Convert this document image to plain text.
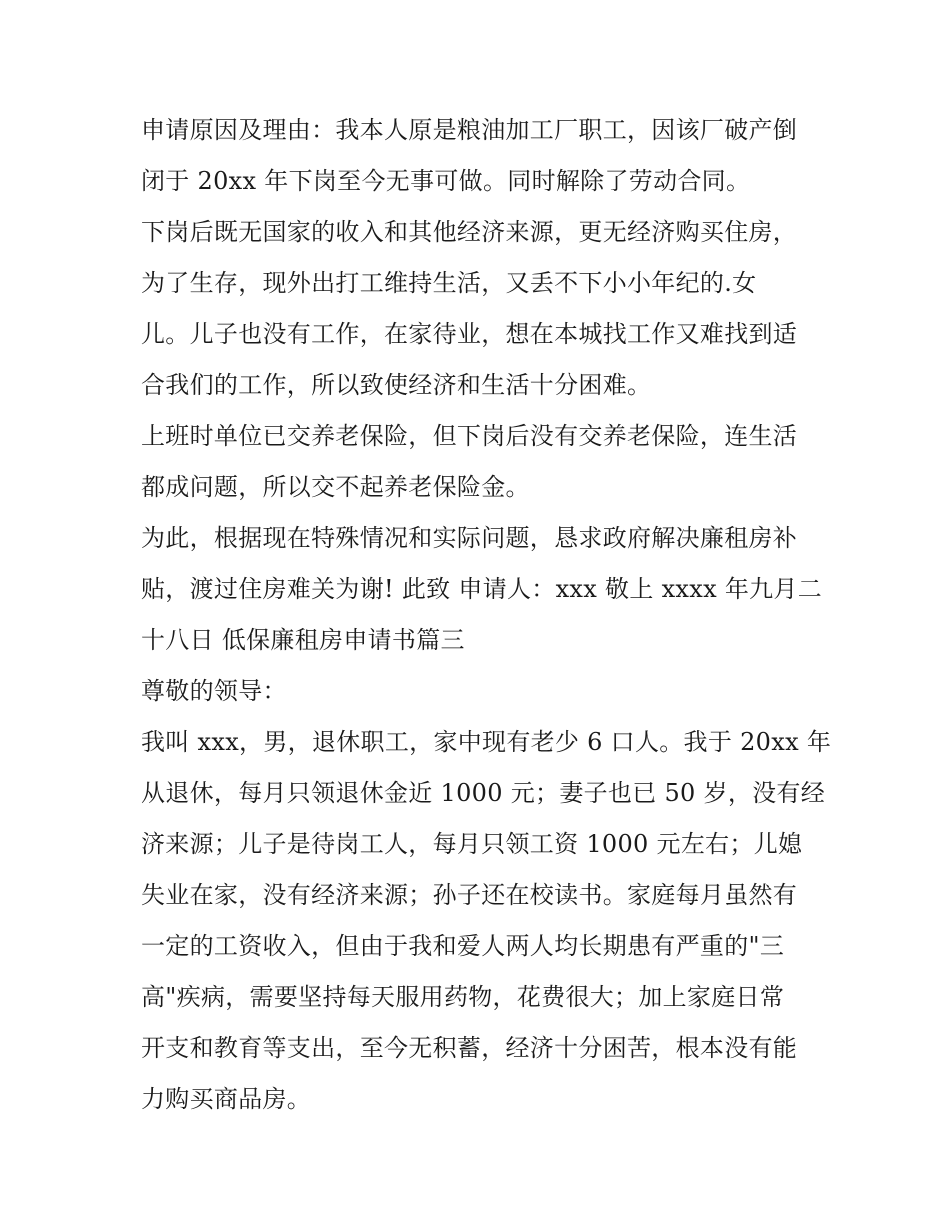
申请原因及理由：我本人原是粮油加工厂职工，因该厂破产倒
闭于 20xx 年下岗至今无事可做。同时解除了劳动合同。
下岗后既无国家的收入和其他经济来源，更无经济购买住房，
为了生存，现外出打工维持生活，又丢不下小小年纪的.女
儿。儿子也没有工作，在家待业，想在本城找工作又难找到适
合我们的工作，所以致使经济和生活十分困难。
上班时单位已交养老保险，但下岗后没有交养老保险，连生活
都成问题，所以交不起养老保险金。
为此，根据现在特殊情况和实际问题，恳求政府解决廉租房补
贴，渡过住房难关为谢! 此致 申请人：xxx 敬上 xxxx 年九月二
十八日 低保廉租房申请书篇三
尊敬的领导：
我叫 xxx，男，退休职工，家中现有老少 6 口人。我于 20xx 年
从退休，每月只领退休金近 1000 元；妻子也已 50 岁，没有经
济来源；儿子是待岗工人，每月只领工资 1000 元左右；儿媳
失业在家，没有经济来源；孙子还在校读书。家庭每月虽然有
一定的工资收入，但由于我和爱人两人均长期患有严重的"三
高"疾病，需要坚持每天服用药物，花费很大；加上家庭日常
开支和教育等支出，至今无积蓄，经济十分困苦，根本没有能
力购买商品房。
